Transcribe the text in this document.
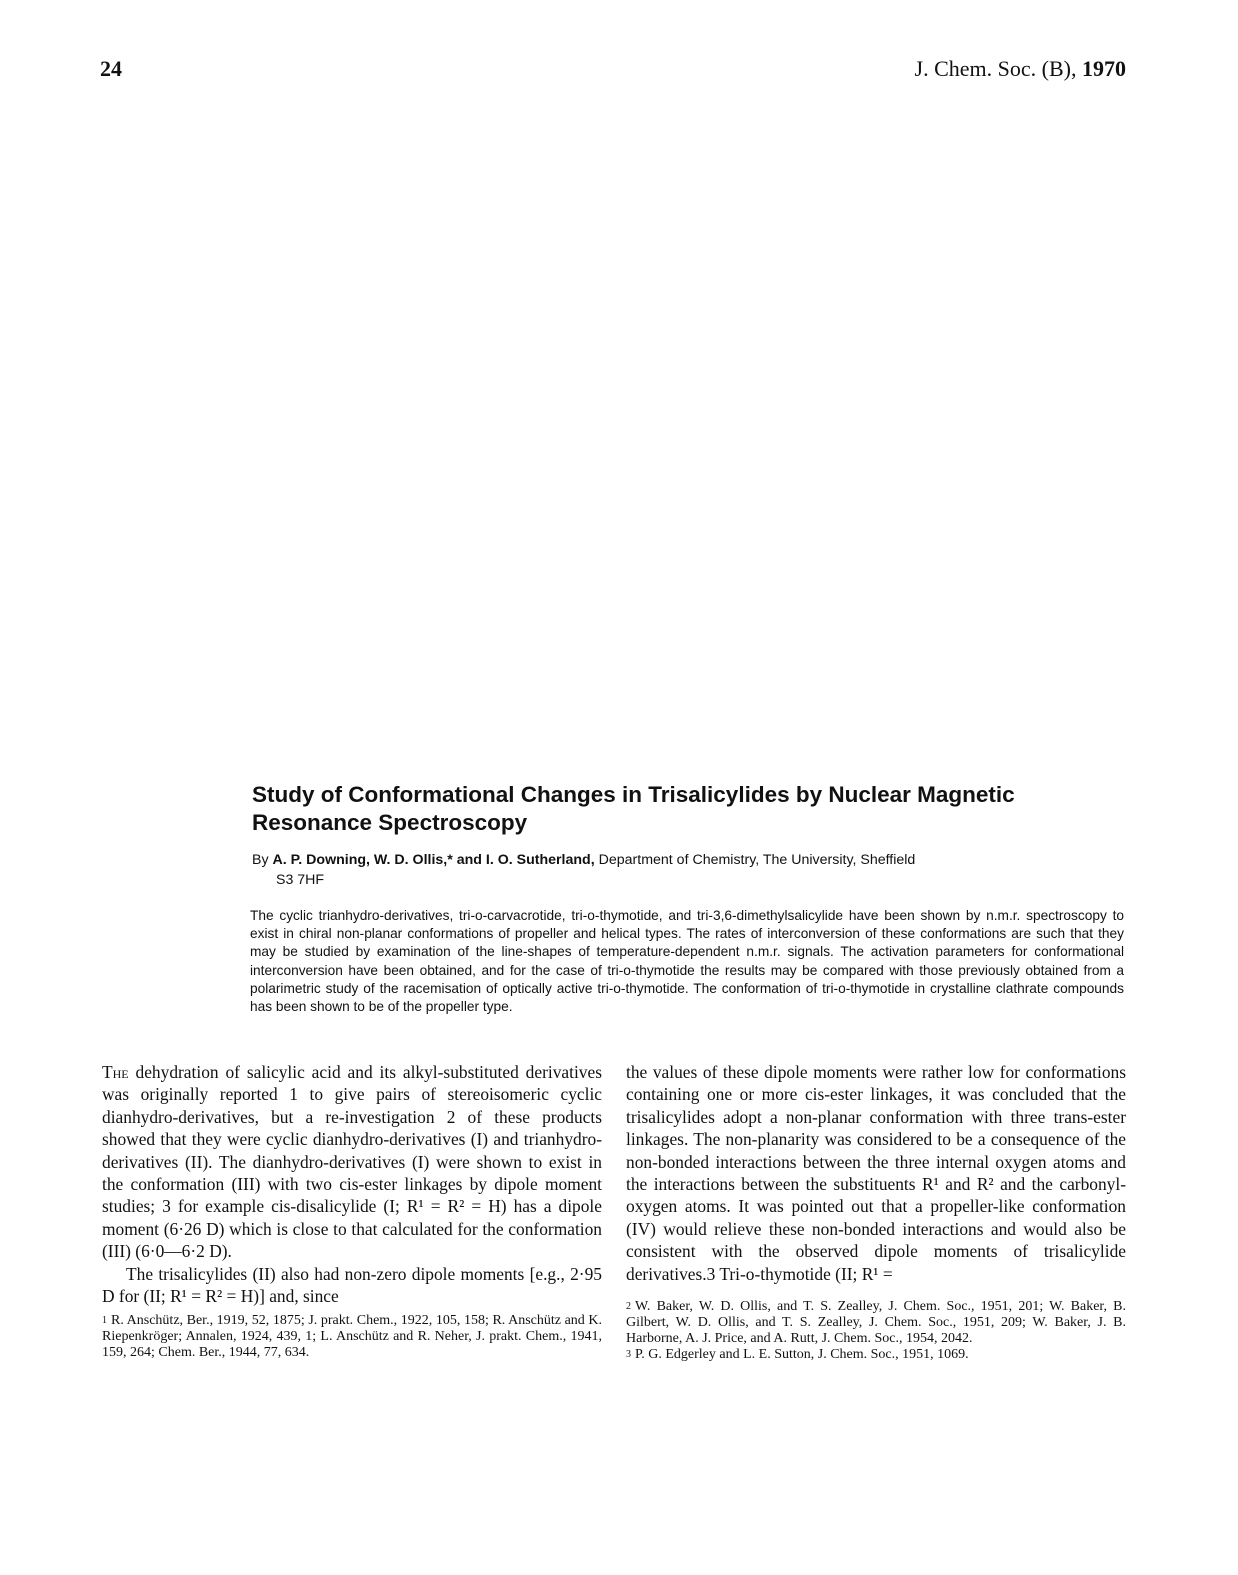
24	J. Chem. Soc. (B), 1970
Study of Conformational Changes in Trisalicylides by Nuclear Magnetic Resonance Spectroscopy
By A. P. Downing, W. D. Ollis,* and I. O. Sutherland, Department of Chemistry, The University, Sheffield
S3 7HF

The cyclic trianhydro-derivatives, tri-o-carvacrotide, tri-o-thymotide, and tri-3,6-dimethylsalicylide have been shown by n.m.r. spectroscopy to exist in chiral non-planar conformations of propeller and helical types. The rates of interconversion of these conformations are such that they may be studied by examination of the line-shapes of temperature-dependent n.m.r. signals. The activation parameters for conformational interconversion have been obtained, and for the case of tri-o-thymotide the results may be compared with those previously obtained from a polarimetric study of the racemisation of optically active tri-o-thymotide. The conformation of tri-o-thymotide in crystalline clathrate compounds has been shown to be of the propeller type.

The dehydration of salicylic acid and its alkyl-substituted derivatives was originally reported 1 to give pairs of stereoisomeric cyclic dianhydro-derivatives, but a re-investigation 2 of these products showed that they were cyclic dianhydro-derivatives (I) and trianhydro-derivatives (II). The dianhydro-derivatives (I) were shown to exist in the conformation (III) with two cis-ester linkages by dipole moment studies; 3 for example cis-disalicylide (I; R¹ = R² = H) has a dipole moment (6·26 D) which is close to that calculated for the conformation (III) (6·0—6·2 D).

The trisalicylides (II) also had non-zero dipole moments [e.g., 2·95 D for (II; R¹ = R² = H)] and, since

$^1$ R. Anschütz, Ber., 1919, 52, 1875; J. prakt. Chem., 1922, 105, 158; R. Anschütz and K. Riepenkröger; Annalen, 1924, 439, 1; L. Anschütz and R. Neher, J. prakt. Chem., 1941, 159, 264; Chem. Ber., 1944, 77, 634.

the values of these dipole moments were rather low for conformations containing one or more cis-ester linkages, it was concluded that the trisalicylides adopt a non-planar conformation with three trans-ester linkages. The non-planarity was considered to be a consequence of the non-bonded interactions between the three internal oxygen atoms and the interactions between the substituents R¹ and R² and the carbonyl-oxygen atoms. It was pointed out that a propeller-like conformation (IV) would relieve these non-bonded interactions and would also be consistent with the observed dipole moments of trisalicylide derivatives.3 Tri-o-thymotide (II; R¹ =

$^2$ W. Baker, W. D. Ollis, and T. S. Zealley, J. Chem. Soc., 1951, 201; W. Baker, B. Gilbert, W. D. Ollis, and T. S. Zealley, J. Chem. Soc., 1951, 209; W. Baker, J. B. Harborne, A. J. Price, and A. Rutt, J. Chem. Soc., 1954, 2042.
$^3$ P. G. Edgerley and L. E. Sutton, J. Chem. Soc., 1951, 1069.
